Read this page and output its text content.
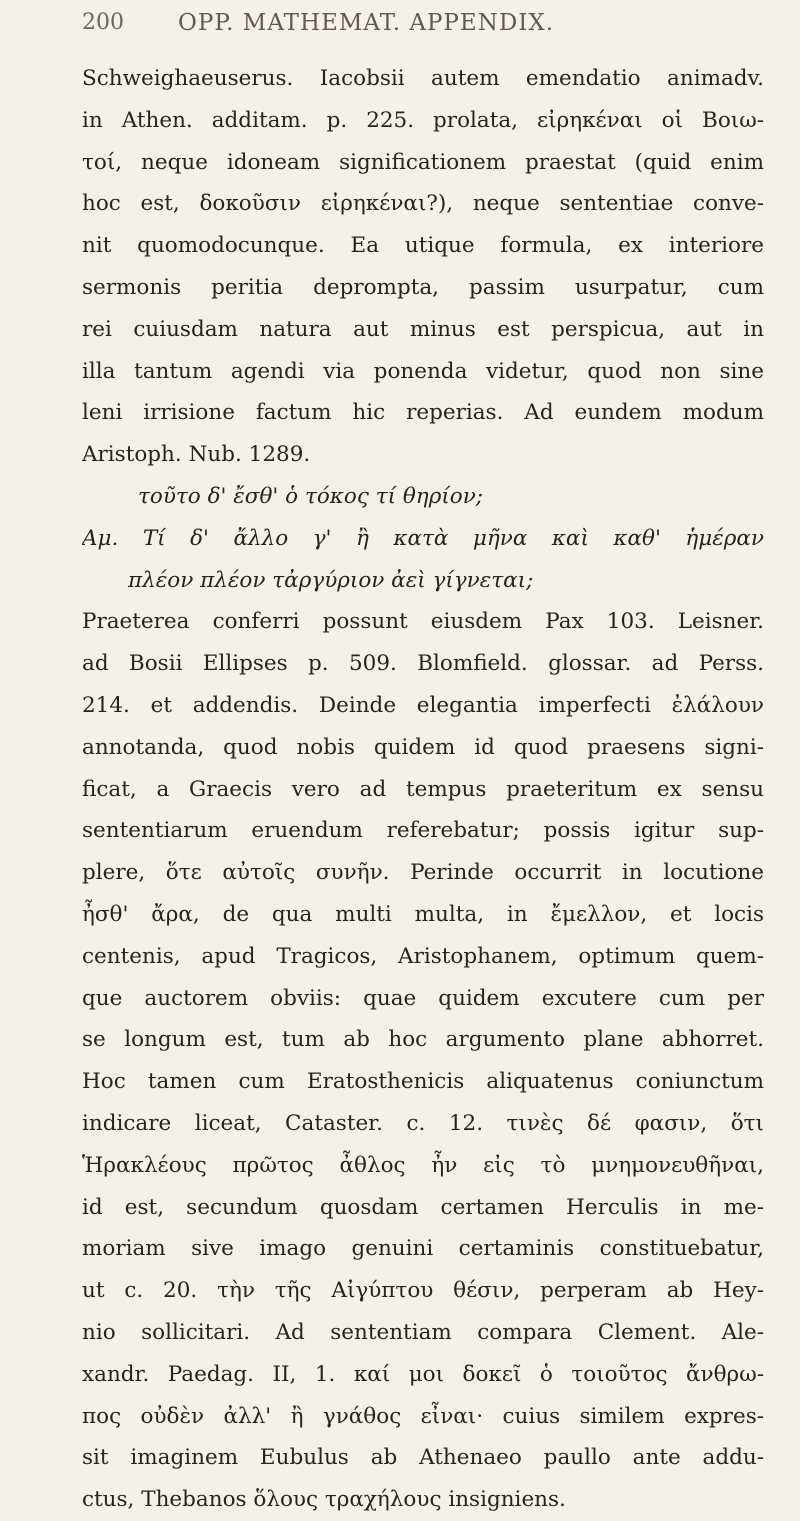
200 OPP. MATHEMAT. APPENDIX.
Schweighaeuserus. Iacobsii autem emendatio animadv.
in Athen. additam. p. 225. prolata, εἰρηκέναι οἱ Βοιω-
τοί, neque idoneam significationem praestat (quid enim
hoc est, δοκοῦσιν εἰρηκέναι?), neque sententiae conve-
nit quomodocunque. Ea utique formula, ex interiore
sermonis peritia deprompta, passim usurpatur, cum
rei cuiusdam natura aut minus est perspicua, aut in
illa tantum agendi via ponenda videtur, quod non sine
leni irrisione factum hic reperias. Ad eundem modum
Aristoph. Nub. 1289.
τοῦτο δ' ἔσθ' ὁ τόκος τί θηρίον;
Αμ. Τί δ' ἄλλο γ' ἢ κατὰ μῆνα καὶ καθ' ἡμέραν
πλέον πλέον τἀργύριον ἀεὶ γίγνεται;
Praeterea conferri possunt eiusdem Pax 103. Leisner.
ad Bosii Ellipses p. 509. Blomfield. glossar. ad Perss.
214. et addendis. Deinde elegantia imperfecti ἐλάλουν
annotanda, quod nobis quidem id quod praesens signi-
ficat, a Graecis vero ad tempus praeteritum ex sensu
sententiarum eruendum referebatur; possis igitur sup-
plere, ὅτε αὐτοῖς συνῆν. Perinde occurrit in locutione
ἦσθ' ἄρα, de qua multi multa, in ἔμελλον, et locis
centenis, apud Tragicos, Aristophanem, optimum quem-
que auctorem obviis: quae quidem excutere cum per
se longum est, tum ab hoc argumento plane abhorret.
Hoc tamen cum Eratosthenicis aliquatenus coniunctum
indicare liceat, Cataster. c. 12. τινὲς δέ φασιν, ὅτι
Ἡρακλέους πρῶτος ἆθλος ἦν εἰς τὸ μνημονευθῆναι,
id est, secundum quosdam certamen Herculis in me-
moriam sive imago genuini certaminis constituebatur,
ut c. 20. τὴν τῆς Αἰγύπτου θέσιν, perperam ab Hey-
nio sollicitari. Ad sententiam compara Clement. Ale-
xandr. Paedag. II, 1. καί μοι δοκεῖ ὁ τοιοῦτος ἄνθρω-
πος οὐδὲν ἀλλ' ἢ γνάθος εἶναι· cuius similem expres-
sit imaginem Eubulus ab Athenaeo paullo ante addu-
ctus, Thebanos ὅλους τραχήλους insigniens.
